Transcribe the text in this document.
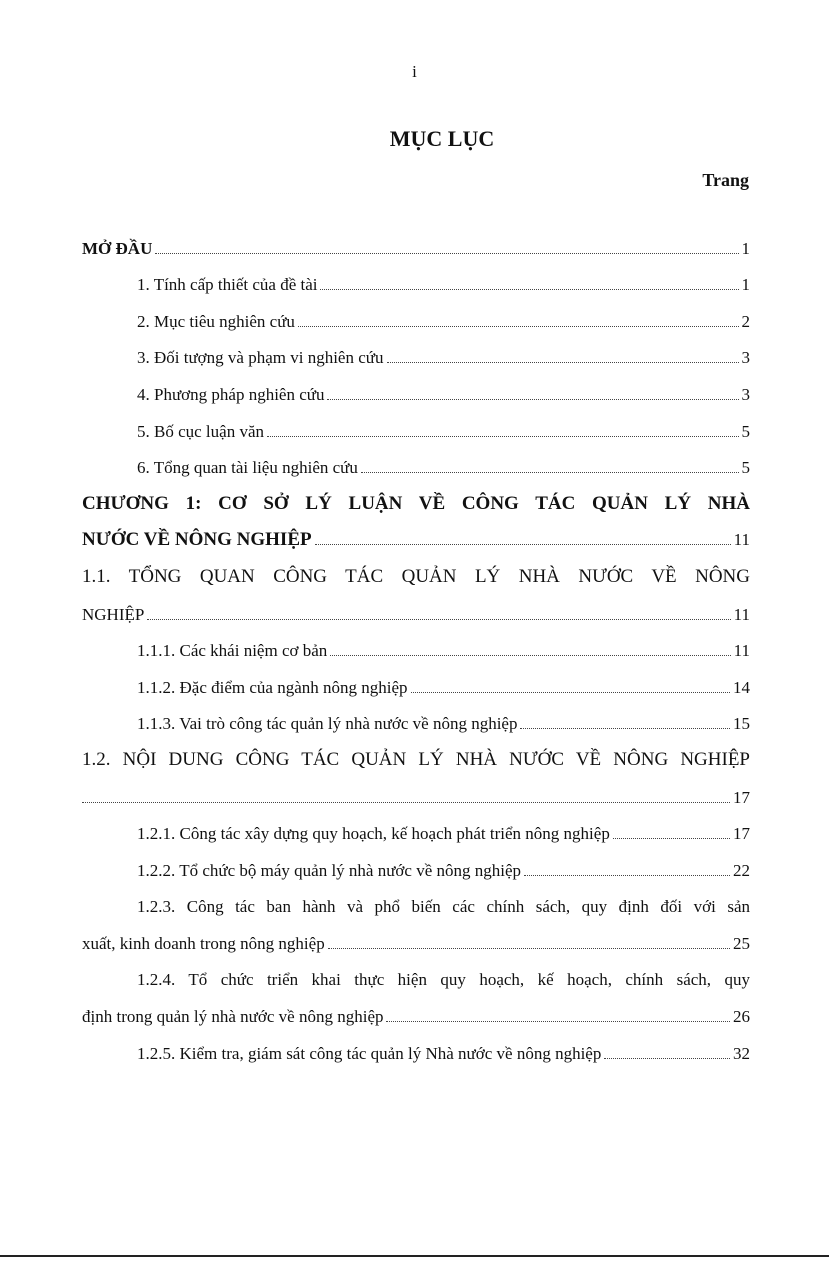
i
MỤC LỤC
Trang
MỞ ĐẦU	1
1. Tính cấp thiết của đề tài	1
2. Mục tiêu nghiên cứu	2
3. Đối tượng và phạm vi nghiên cứu	3
4. Phương pháp nghiên cứu	3
5. Bố cục luận văn	5
6. Tổng quan tài liệu nghiên cứu	5
CHƯƠNG 1: CƠ SỞ LÝ LUẬN VỀ CÔNG TÁC QUẢN LÝ NHÀ
NƯỚC VỀ NÔNG NGHIỆP	11
1.1. TỔNG QUAN CÔNG TÁC QUẢN LÝ NHÀ NƯỚC VỀ NÔNG
NGHIỆP	11
1.1.1. Các khái niệm cơ bản	11
1.1.2. Đặc điểm của ngành nông nghiệp	14
1.1.3. Vai trò công tác quản lý nhà nước về nông nghiệp	15
1.2. NỘI DUNG CÔNG TÁC QUẢN LÝ NHÀ NƯỚC VỀ NÔNG NGHIỆP
17
1.2.1. Công tác xây dựng quy hoạch, kế hoạch phát triển nông nghiệp	17
1.2.2. Tổ chức bộ máy quản lý nhà nước về nông nghiệp	22
1.2.3. Công tác ban hành và phổ biến các chính sách, quy định đối với sản
xuất, kinh doanh trong nông nghiệp	25
1.2.4. Tổ chức triển khai thực hiện quy hoạch, kế hoạch, chính sách, quy
định trong quản lý nhà nước về nông nghiệp	26
1.2.5. Kiểm tra, giám sát công tác quản lý Nhà nước về nông nghiệp	32
